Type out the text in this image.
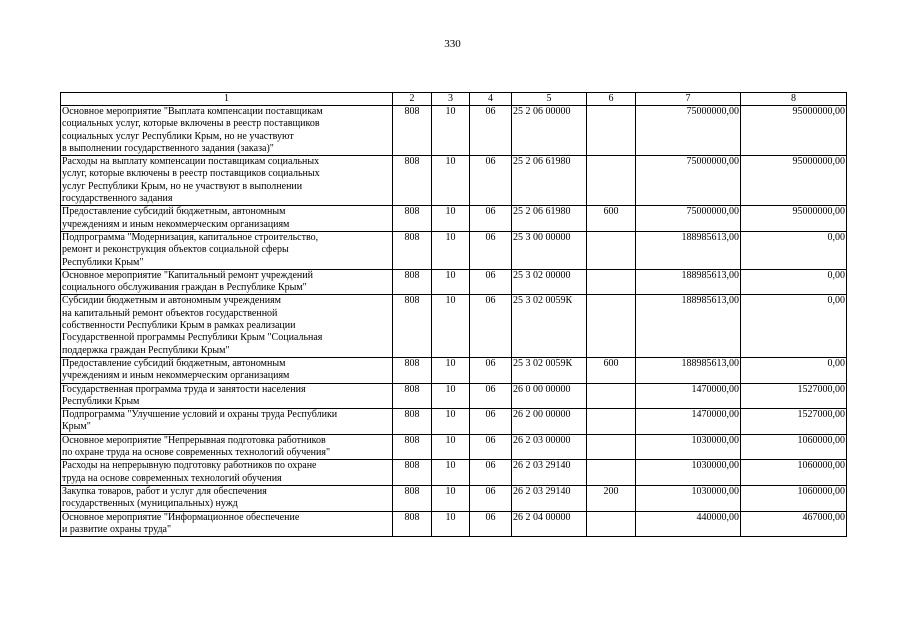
330
1	2	3	4	5	6	7	8
Основное мероприятие "Выплата компенсации поставщикам
социальных услуг, которые включены в реестр поставщиков
социальных услуг Республики Крым, но не участвуют
в выполнении государственного задания (заказа)"	808	10	06	25 2 06 00000		75000000,00	95000000,00
Расходы на выплату компенсации поставщикам социальных
услуг, которые включены в реестр поставщиков социальных
услуг Республики Крым, но не участвуют в выполнении
государственного задания	808	10	06	25 2 06 61980		75000000,00	95000000,00
Предоставление субсидий бюджетным, автономным
учреждениям и иным некоммерческим организациям	808	10	06	25 2 06 61980	600	75000000,00	95000000,00
Подпрограмма "Модернизация, капитальное строительство,
ремонт и реконструкция объектов социальной сферы
Республики Крым"	808	10	06	25 3 00 00000		188985613,00	0,00
Основное мероприятие "Капитальный ремонт учреждений
социального обслуживания граждан в Республике Крым"	808	10	06	25 3 02 00000		188985613,00	0,00
Субсидии бюджетным и автономным учреждениям
на капитальный ремонт объектов государственной
собственности Республики Крым в рамках реализации
Государственной программы Республики Крым "Социальная
поддержка граждан Республики Крым"	808	10	06	25 3 02 0059К		188985613,00	0,00
Предоставление субсидий бюджетным, автономным
учреждениям и иным некоммерческим организациям	808	10	06	25 3 02 0059К	600	188985613,00	0,00
Государственная программа труда и занятости населения
Республики Крым	808	10	06	26 0 00 00000		1470000,00	1527000,00
Подпрограмма "Улучшение условий и охраны труда Республики
Крым"	808	10	06	26 2 00 00000		1470000,00	1527000,00
Основное мероприятие "Непрерывная подготовка работников
по охране труда на основе современных технологий обучения"	808	10	06	26 2 03 00000		1030000,00	1060000,00
Расходы на непрерывную подготовку работников по охране
труда на основе современных технологий обучения	808	10	06	26 2 03 29140		1030000,00	1060000,00
Закупка товаров, работ и услуг для обеспечения
государственных (муниципальных) нужд	808	10	06	26 2 03 29140	200	1030000,00	1060000,00
Основное мероприятие "Информационное обеспечение
и развитие охраны труда"	808	10	06	26 2 04 00000		440000,00	467000,00
